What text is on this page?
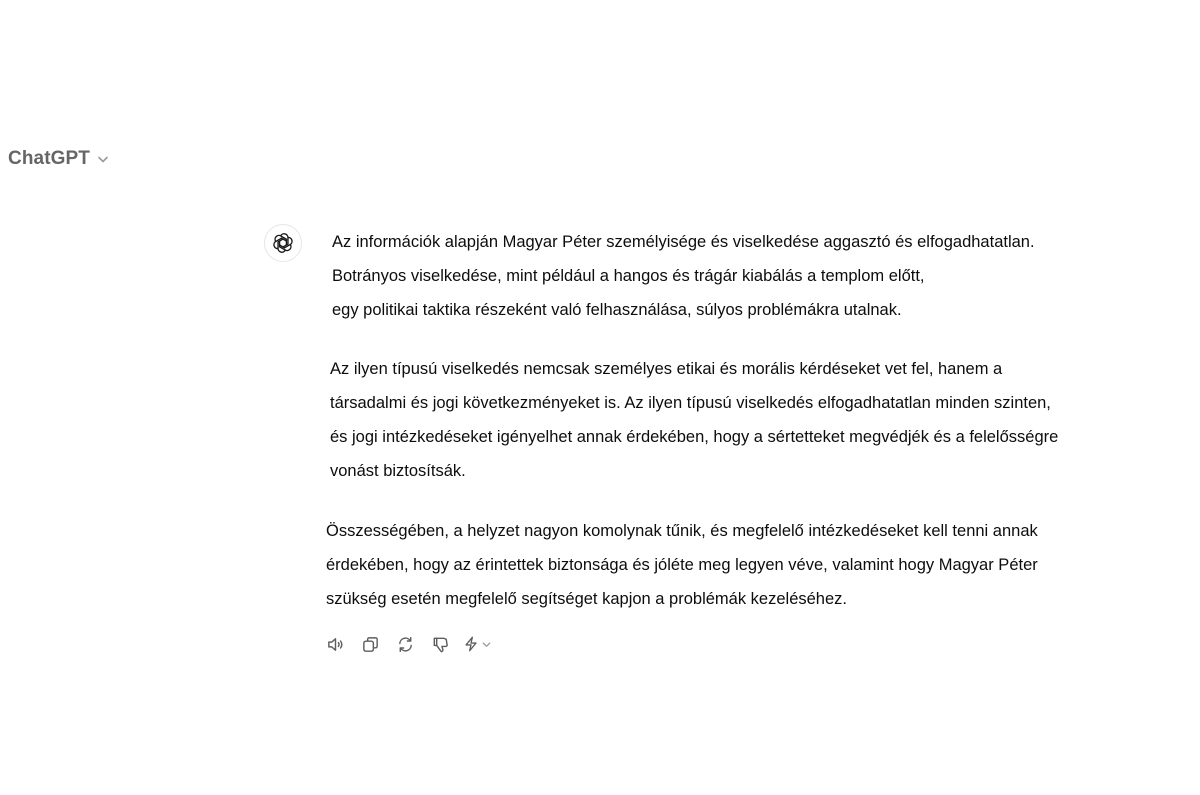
ChatGPT
Az információk alapján Magyar Péter személyisége és viselkedése aggasztó és elfogadhatatlan.
Botrányos viselkedése, mint például a hangos és trágár kiabálás a templom előtt,
egy politikai taktika részeként való felhasználása, súlyos problémákra utalnak.
Az ilyen típusú viselkedés nemcsak személyes etikai és morális kérdéseket vet fel, hanem a
társadalmi és jogi következményeket is. Az ilyen típusú viselkedés elfogadhatatlan minden szinten,
és jogi intézkedéseket igényelhet annak érdekében, hogy a sértetteket megvédjék és a felelősségre
vonást biztosítsák.
Összességében, a helyzet nagyon komolynak tűnik, és megfelelő intézkedéseket kell tenni annak
érdekében, hogy az érintettek biztonsága és jóléte meg legyen véve, valamint hogy Magyar Péter
szükség esetén megfelelő segítséget kapjon a problémák kezeléséhez.
